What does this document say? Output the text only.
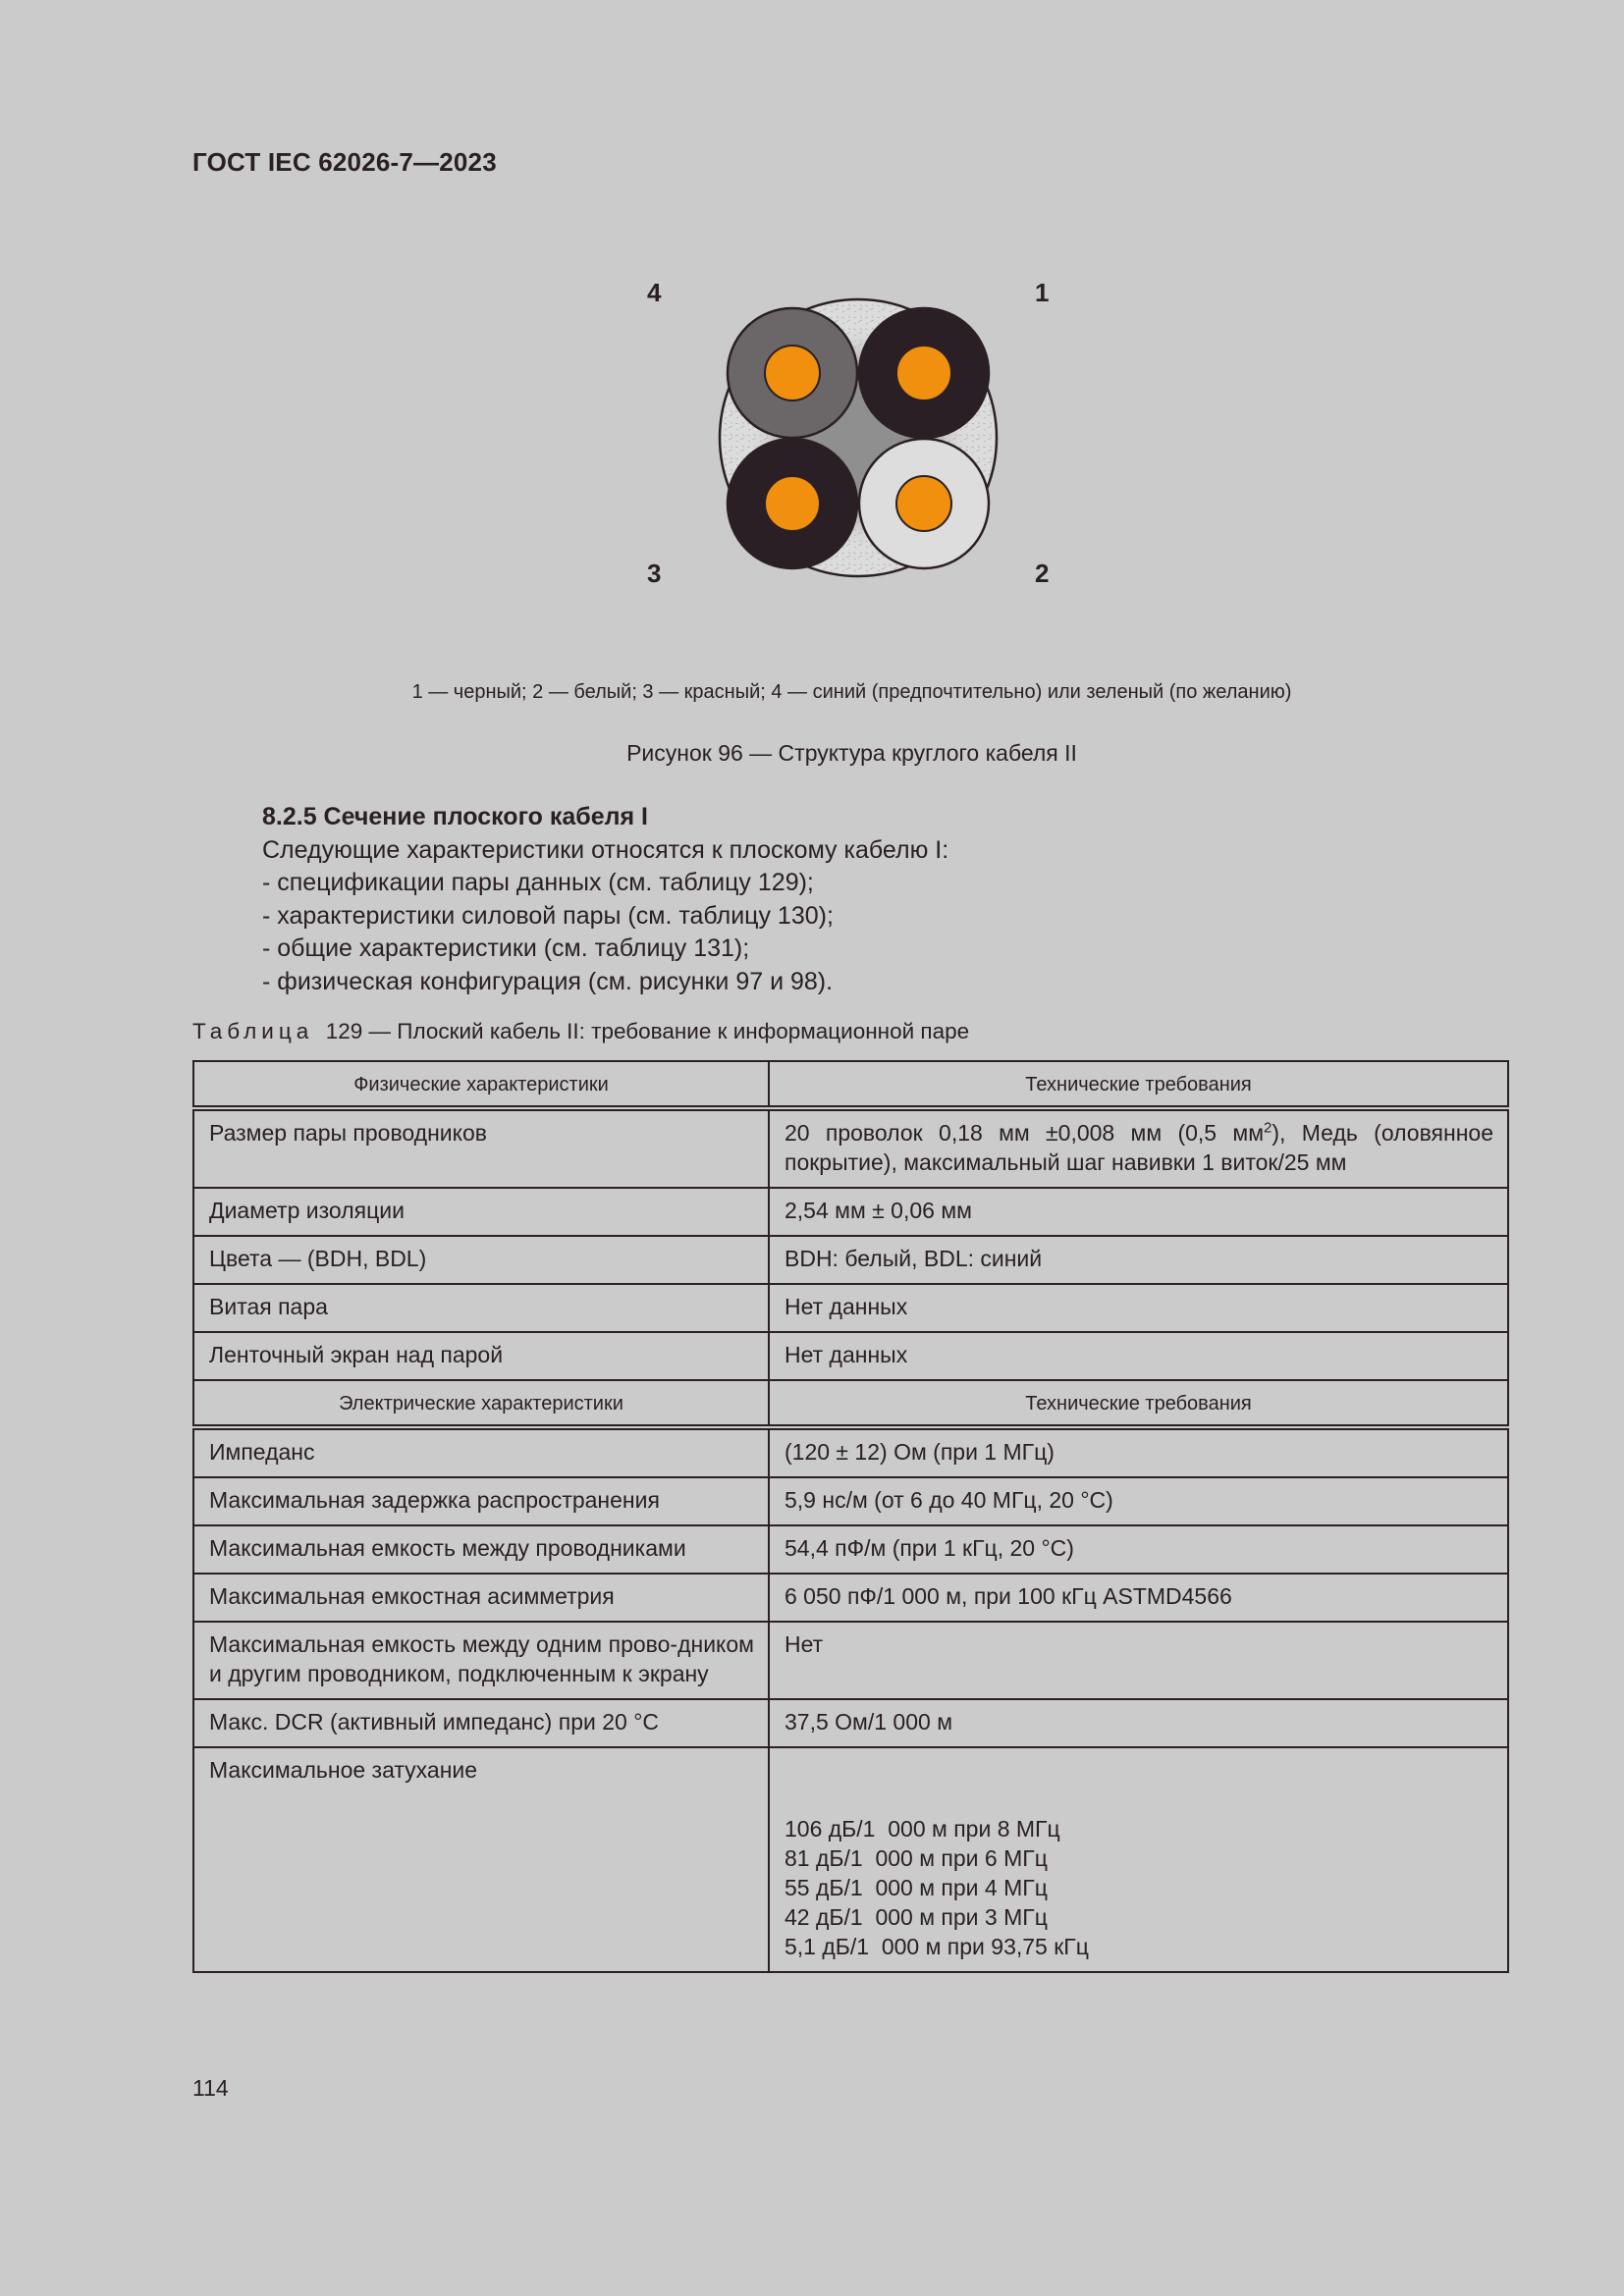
ГОСТ IEC 62026-7—2023
4	1
3	2
1 — черный; 2 — белый; 3 — красный; 4 — синий (предпочтительно) или зеленый (по желанию)
Рисунок 96 — Структура круглого кабеля II
8.2.5 Сечение плоского кабеля I
Следующие характеристики относятся к плоскому кабелю I:
- спецификации пары данных (см. таблицу 129);
- характеристики силовой пары (см. таблицу 130);
- общие характеристики (см. таблицу 131);
- физическая конфигурация (см. рисунки 97 и 98).
Таблица  129 — Плоский кабель II: требование к информационной паре
Физические характеристики	Технические требования
Размер пары проводников	20 проволок 0,18 мм ±0,008 мм (0,5 $мм^2$), Медь (оловянное покрытие), максимальный шаг навивки 1 виток/25 мм
Диаметр изоляции	2,54 мм ± 0,06 мм
Цвета — (BDH, BDL)	BDH: белый, BDL: синий
Витая пара	Нет данных
Ленточный экран над парой	Нет данных
Электрические характеристики	Технические требования
Импеданс	(120 ± 12) Ом (при 1 МГц)
Максимальная задержка распространения	5,9 нс/м (от 6 до 40 МГц, 20 °С)
Максимальная емкость между проводниками	54,4 пФ/м (при 1 кГц, 20 °С)
Максимальная емкостная асимметрия	6 050 пФ/1 000 м, при 100 кГц ASTMD4566
Максимальная емкость между одним прово-дником и другим проводником, подключенным к экрану	Нет
Макс. DCR (активный импеданс) при 20 °С	37,5 Ом/1 000 м
Максимальное затухание	106 дБ/1  000 м при 8 МГц
81 дБ/1  000 м при 6 МГц
55 дБ/1  000 м при 4 МГц
42 дБ/1  000 м при 3 МГц
5,1 дБ/1  000 м при 93,75 кГц
114
